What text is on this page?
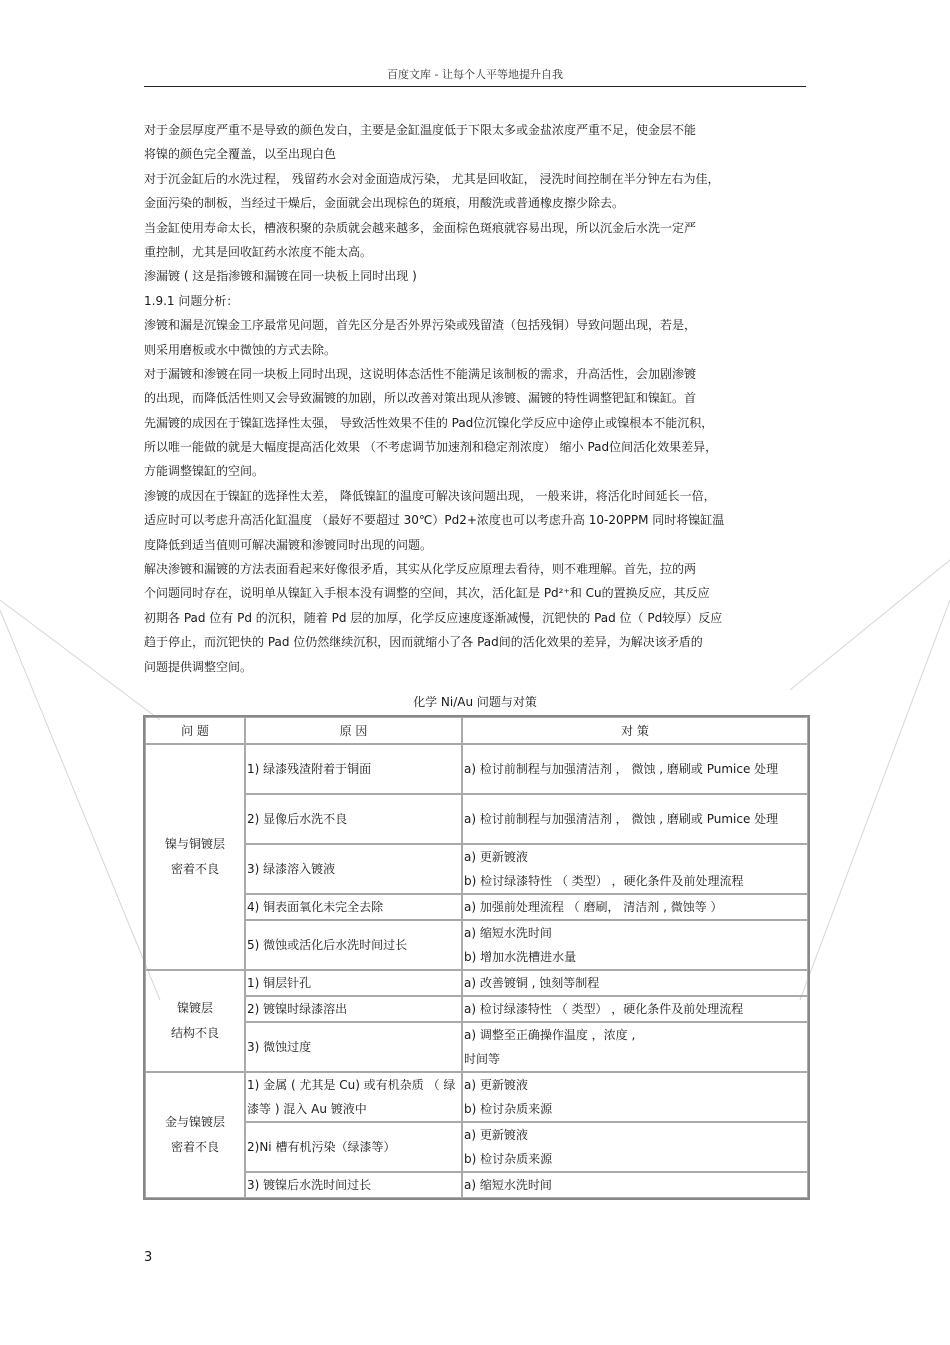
百度文库 - 让每个人平等地提升自我
对于金层厚度严重不是导致的颜色发白，主要是金缸温度低于下限太多或金盐浓度严重不足，使金层不能
将镍的颜色完全覆盖，以至出现白色
对于沉金缸后的水洗过程， 残留药水会对金面造成污染， 尤其是回收缸， 浸洗时间控制在半分钟左右为佳，
金面污染的制板，当经过干燥后，金面就会出现棕色的斑痕，用酸洗或普通橡皮擦少除去。
当金缸使用寿命太长，槽液积聚的杂质就会越来越多，金面棕色斑痕就容易出现，所以沉金后水洗一定严
重控制，尤其是回收缸药水浓度不能太高。
渗漏镀 ( 这是指渗镀和漏镀在同一块板上同时出现 )
1.9.1 问题分析：
渗镀和漏是沉镍金工序最常见问题，首先区分是否外界污染或残留渣（包括残铜）导致问题出现，若是，
则采用磨板或水中微蚀的方式去除。
对于漏镀和渗镀在同一块板上同时出现，这说明体态活性不能满足该制板的需求，升高活性，会加剧渗镀
的出现，而降低活性则又会导致漏镀的加剧，所以改善对策出现从渗镀、漏镀的特性调整钯缸和镍缸。首
先漏镀的成因在于镍缸选择性太强， 导致活性效果不佳的 Pad位沉镍化学反应中途停止或镍根本不能沉积，
所以唯一能做的就是大幅度提高活化效果 （不考虑调节加速剂和稳定剂浓度） 缩小 Pad位间活化效果差异，
方能调整镍缸的空间。
渗镀的成因在于镍缸的选择性太差， 降低镍缸的温度可解决该问题出现， 一般来讲，将活化时间延长一倍，
适应时可以考虑升高活化缸温度 （最好不要超过 30℃）Pd2+浓度也可以考虑升高 10-20PPM 同时将镍缸温
度降低到适当值则可解决漏镀和渗镀同时出现的问题。
解决渗镀和漏镀的方法表面看起来好像很矛盾，其实从化学反应原理去看待，则不难理解。首先，拉的两
个问题同时存在，说明单从镍缸入手根本没有调整的空间，其次，活化缸是 Pd²⁺和 Cu的置换反应，其反应
初期各 Pad 位有 Pd 的沉积，随着 Pd 层的加厚，化学反应速度逐渐减慢，沉钯快的 Pad 位（ Pd较厚）反应
趋于停止，而沉钯快的 Pad 位仍然继续沉积，因而就缩小了各 Pad间的活化效果的差异，为解决该矛盾的
问题提供调整空间。
化学 Ni/Au 问题与对策
问 题	原 因	对 策
镍与铜镀层
密着不良	1) 绿漆残渣附着于铜面	a) 检讨前制程与加强清洁剂 ， 微蚀 , 磨刷或 Pumice 处理
	2) 显像后水洗不良	a) 检讨前制程与加强清洁剂 ， 微蚀 , 磨刷或 Pumice 处理
	3) 绿漆溶入镀液	a) 更新镀液
b) 检讨绿漆特性 （ 类型） ，硬化条件及前处理流程
	4) 铜表面氧化未完全去除	a) 加强前处理流程 （ 磨刷， 清洁剂 , 微蚀等 ）
	5) 微蚀或活化后水洗时间过长	a) 缩短水洗时间
b) 增加水洗槽进水量
镍镀层
结构不良	1) 铜层针孔	a) 改善镀铜 , 蚀刻等制程
	2) 镀镍时绿漆溶出	a) 检讨绿漆特性 （ 类型） ，硬化条件及前处理流程
	3) 微蚀过度	a) 调整至正确操作温度 ，浓度 ,
时间等
金与镍镀层
密着不良	1) 金属 ( 尤其是 Cu) 或有机杂质 （ 绿漆等 ) 混入 Au 镀液中	a) 更新镀液
b) 检讨杂质来源
	2)Ni 槽有机污染（绿漆等）	a) 更新镀液
b) 检讨杂质来源
	3) 镀镍后水洗时间过长	a) 缩短水洗时间
3
